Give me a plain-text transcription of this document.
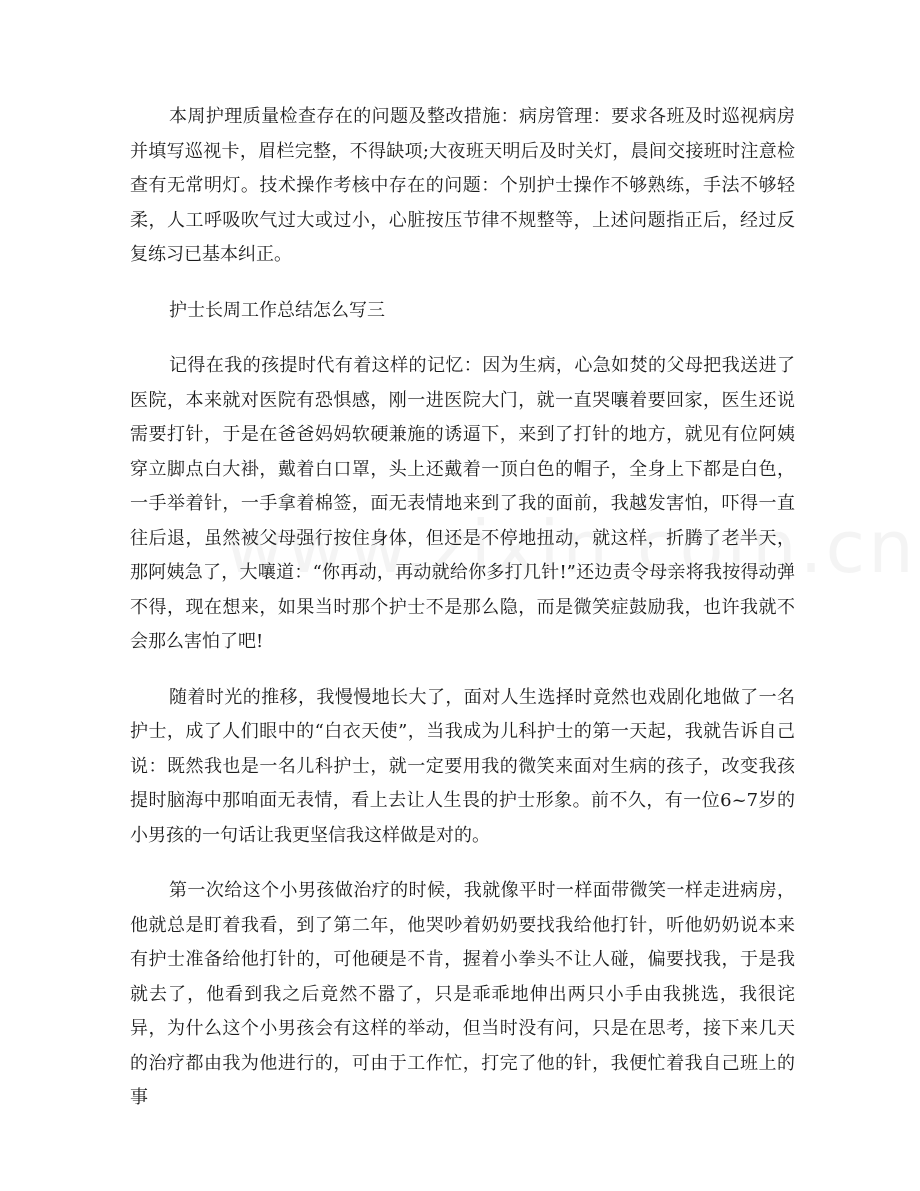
本周护理质量检查存在的问题及整改措施：病房管理：要求各班及时巡视病房并填写巡视卡，眉栏完整，不得缺项;大夜班天明后及时关灯，晨间交接班时注意检查有无常明灯。技术操作考核中存在的问题：个别护士操作不够熟练，手法不够轻柔，人工呼吸吹气过大或过小，心脏按压节律不规整等，上述问题指正后，经过反复练习已基本纠正。

护士长周工作总结怎么写三

记得在我的孩提时代有着这样的记忆：因为生病，心急如焚的父母把我送进了医院，本来就对医院有恐惧感，刚一进医院大门，就一直哭嚷着要回家，医生还说需要打针，于是在爸爸妈妈软硬兼施的诱逼下，来到了打针的地方，就见有位阿姨穿立脚点白大褂，戴着白口罩，头上还戴着一顶白色的帽子，全身上下都是白色，一手举着针，一手拿着棉签，面无表情地来到了我的面前，我越发害怕，吓得一直往后退，虽然被父母强行按住身体，但还是不停地扭动，就这样，折腾了老半天，那阿姨急了，大嚷道：“你再动，再动就给你多打几针!”还边责令母亲将我按得动弹不得，现在想来，如果当时那个护士不是那么隐，而是微笑症鼓励我，也许我就不会那么害怕了吧!

随着时光的推移，我慢慢地长大了，面对人生选择时竟然也戏剧化地做了一名护士，成了人们眼中的“白衣天使”，当我成为儿科护士的第一天起，我就告诉自己说：既然我也是一名儿科护士，就一定要用我的微笑来面对生病的孩子，改变我孩提时脑海中那咱面无表情，看上去让人生畏的护士形象。前不久，有一位6~7岁的小男孩的一句话让我更坚信我这样做是对的。

第一次给这个小男孩做治疗的时候，我就像平时一样面带微笑一样走进病房，他就总是盯着我看，到了第二年，他哭吵着奶奶要找我给他打针，听他奶奶说本来有护士准备给他打针的，可他硬是不肯，握着小拳头不让人碰，偏要找我，于是我就去了，他看到我之后竟然不嚣了，只是乖乖地伸出两只小手由我挑选，我很诧异，为什么这个小男孩会有这样的举动，但当时没有问，只是在思考，接下来几天的治疗都由我为他进行的，可由于工作忙，打完了他的针，我便忙着我自己班上的事
